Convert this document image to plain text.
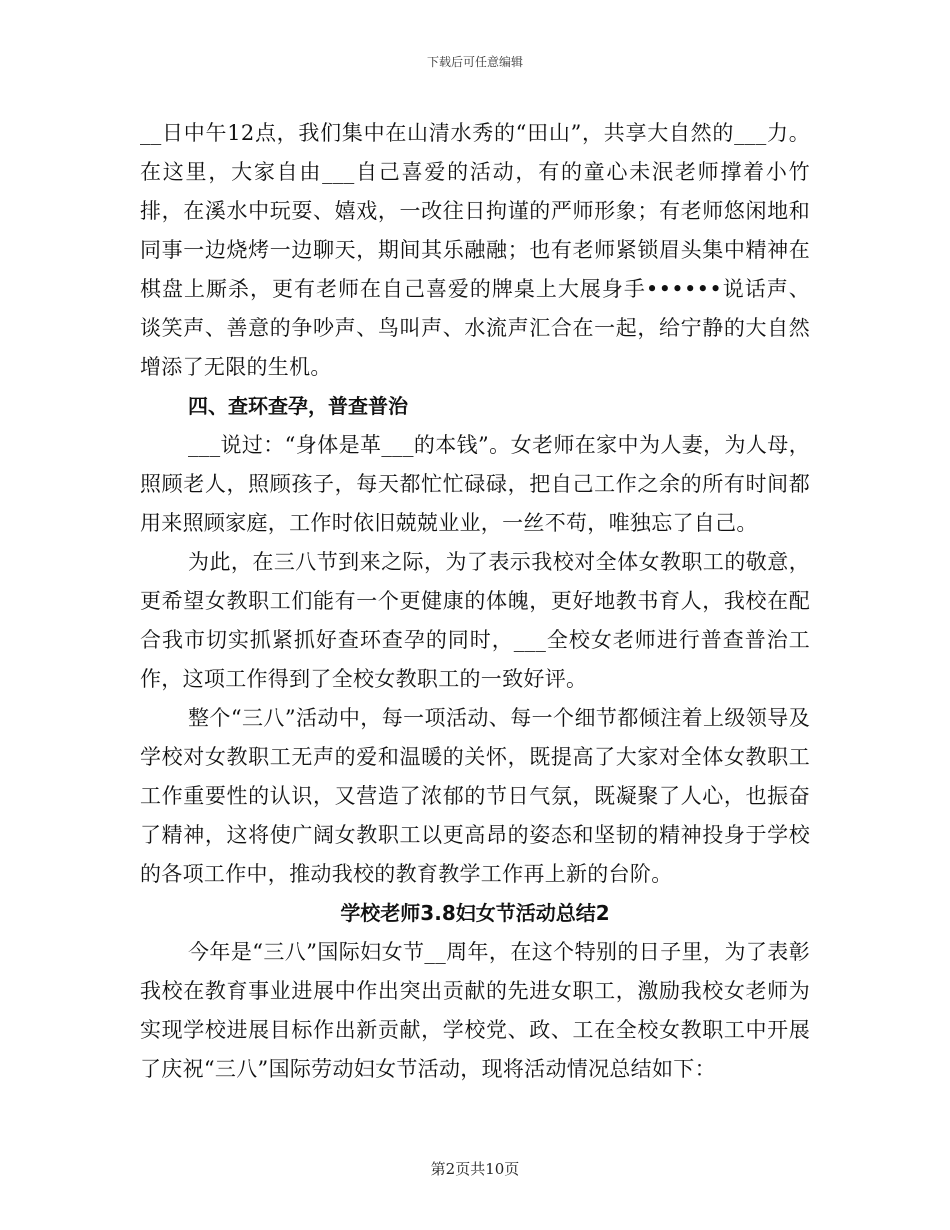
下载后可任意编辑

__日中午12点，我们集中在山清水秀的“田山”，共享大自然的___力。在这里，大家自由___自己喜爱的活动，有的童心未泯老师撑着小竹排，在溪水中玩耍、嬉戏，一改往日拘谨的严师形象；有老师悠闲地和同事一边烧烤一边聊天，期间其乐融融；也有老师紧锁眉头集中精神在棋盘上厮杀，更有老师在自己喜爱的牌桌上大展身手••••••说话声、谈笑声、善意的争吵声、鸟叫声、水流声汇合在一起，给宁静的大自然增添了无限的生机。

四、查环查孕，普查普治

___说过：“身体是革___的本钱”。女老师在家中为人妻，为人母，照顾老人，照顾孩子，每天都忙忙碌碌，把自己工作之余的所有时间都用来照顾家庭，工作时依旧兢兢业业，一丝不苟，唯独忘了自己。

为此，在三八节到来之际，为了表示我校对全体女教职工的敬意，更希望女教职工们能有一个更健康的体魄，更好地教书育人，我校在配合我市切实抓紧抓好查环查孕的同时，___全校女老师进行普查普治工作，这项工作得到了全校女教职工的一致好评。

整个“三八”活动中，每一项活动、每一个细节都倾注着上级领导及学校对女教职工无声的爱和温暖的关怀，既提高了大家对全体女教职工工作重要性的认识，又营造了浓郁的节日气氛，既凝聚了人心，也振奋了精神，这将使广阔女教职工以更高昂的姿态和坚韧的精神投身于学校的各项工作中，推动我校的教育教学工作再上新的台阶。

学校老师3.8妇女节活动总结2

今年是“三八”国际妇女节__周年，在这个特别的日子里，为了表彰我校在教育事业进展中作出突出贡献的先进女职工，激励我校女老师为实现学校进展目标作出新贡献，学校党、政、工在全校女教职工中开展了庆祝“三八”国际劳动妇女节活动，现将活动情况总结如下：

第2页共10页
